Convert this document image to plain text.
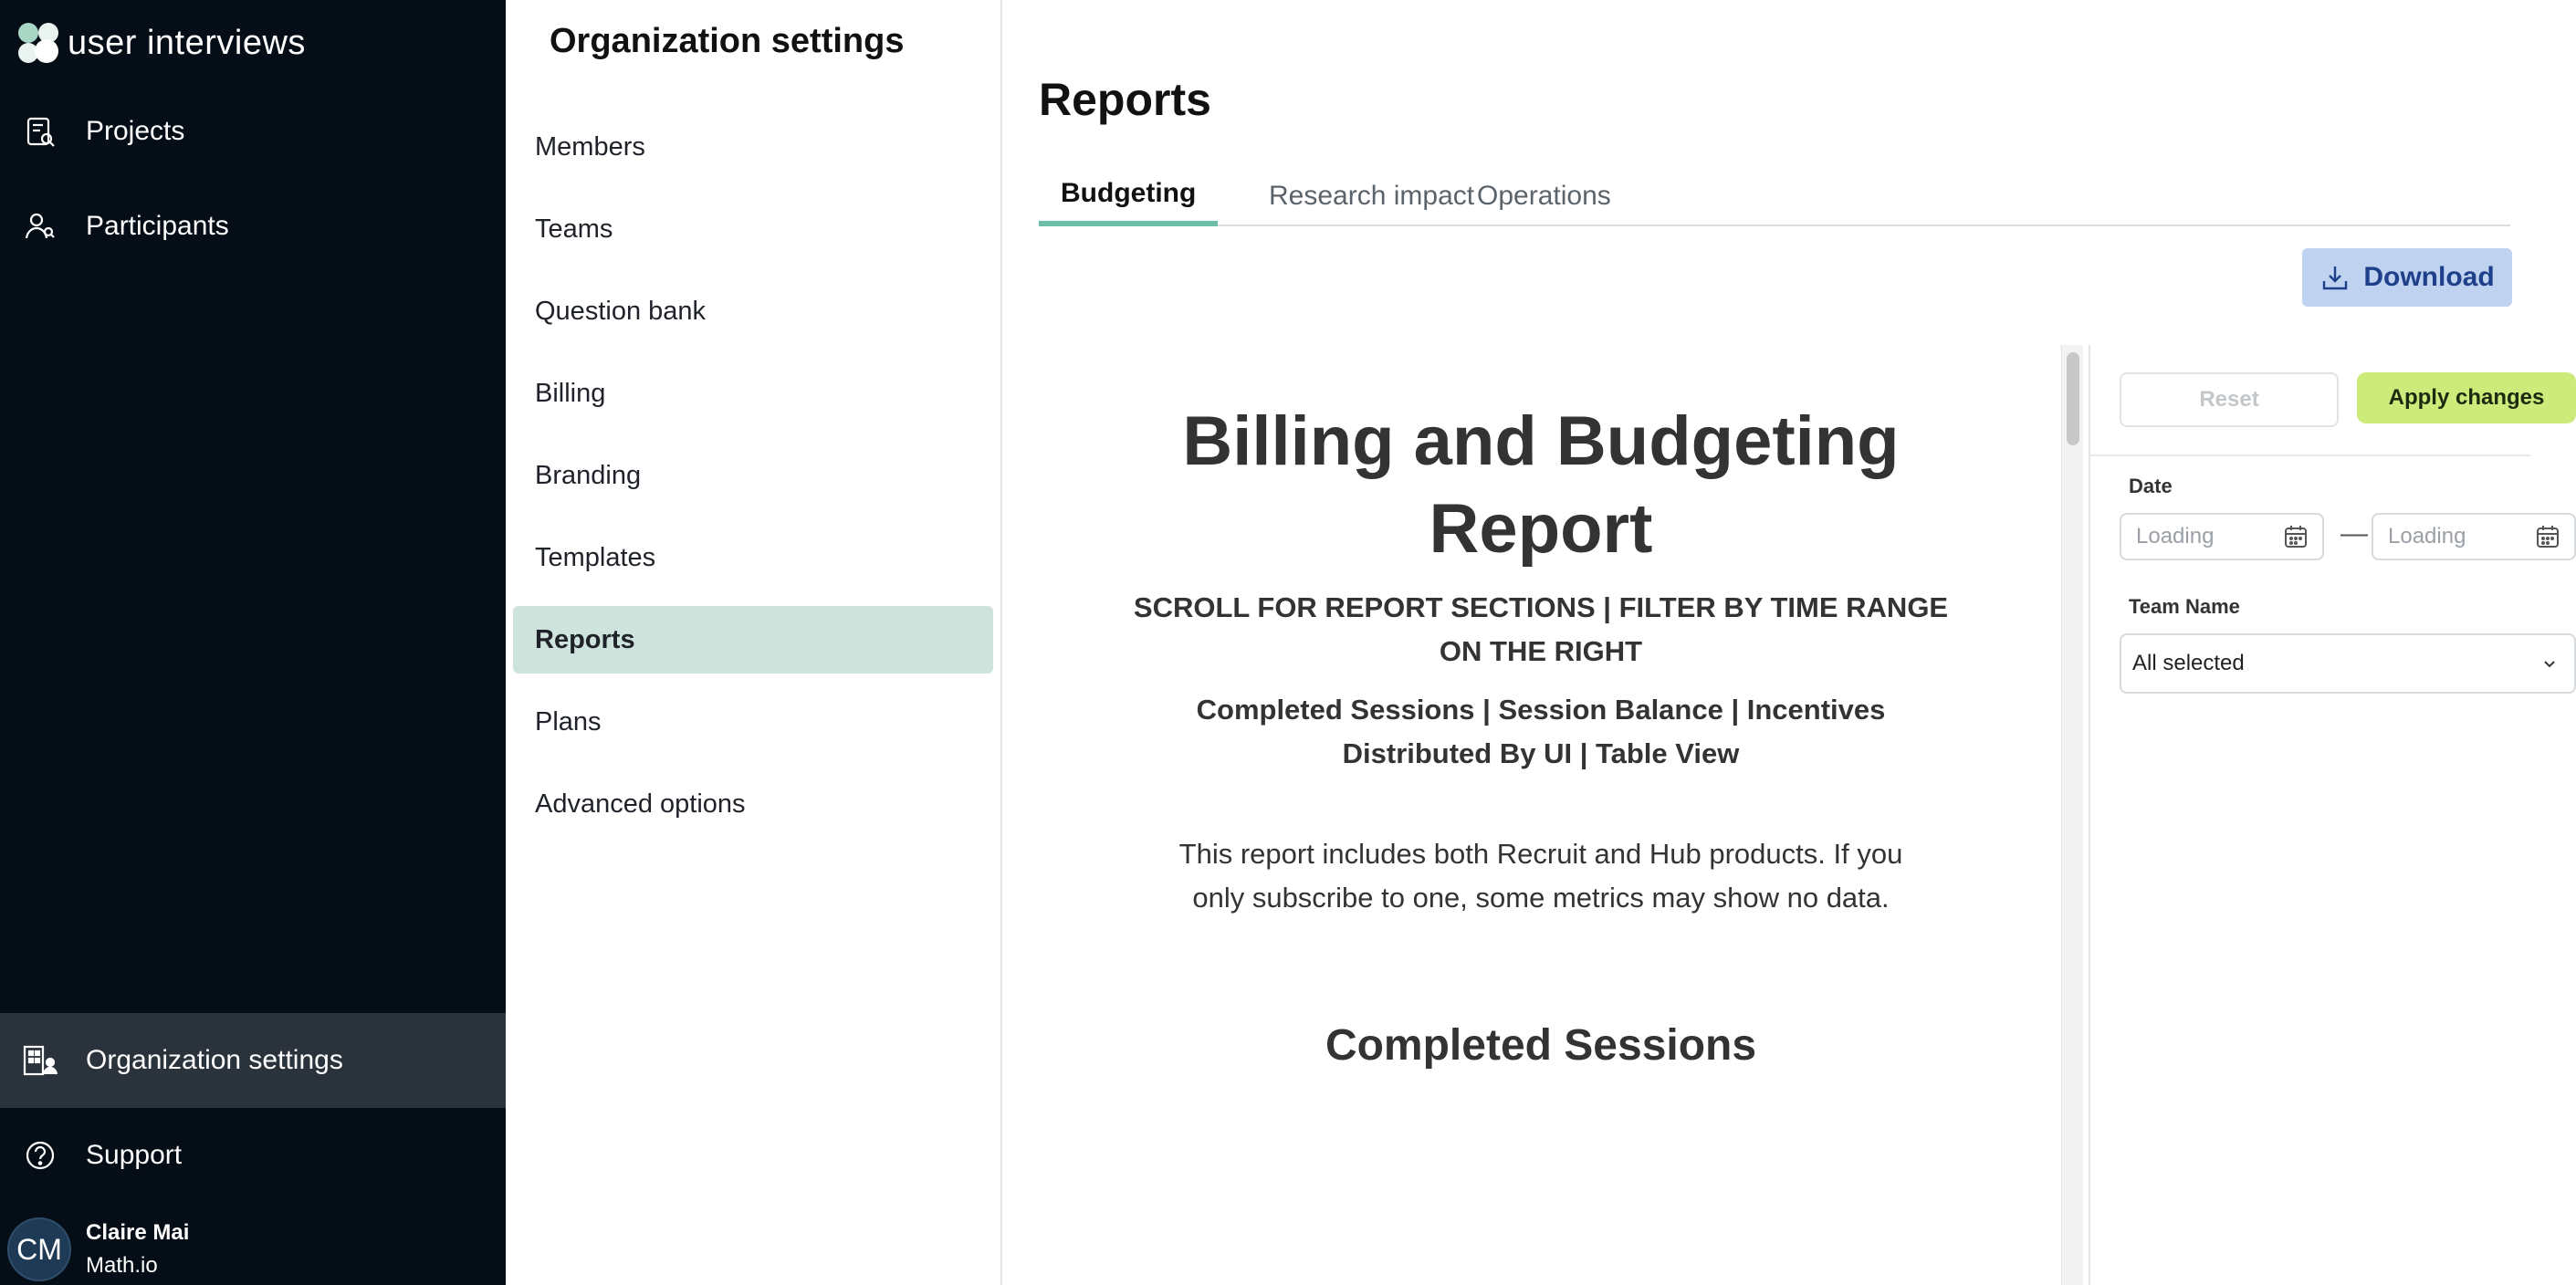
user interviews
Projects
Participants
Organization settings
Support
CM	Claire Mai
Math.io
Organization settings
Members
Teams
Question bank
Billing
Branding
Templates
Reports
Plans
Advanced options
Reports
Budgeting	Research impact Operations
Download
Billing and Budgeting
Report
SCROLL FOR REPORT SECTIONS | FILTER BY TIME RANGE
ON THE RIGHT
Completed Sessions | Session Balance | Incentives
Distributed By UI | Table View
This report includes both Recruit and Hub products. If you
only subscribe to one, some metrics may show no data.
Completed Sessions
Reset	Apply changes
Date
Loading	— Loading
Team Name
All selected
